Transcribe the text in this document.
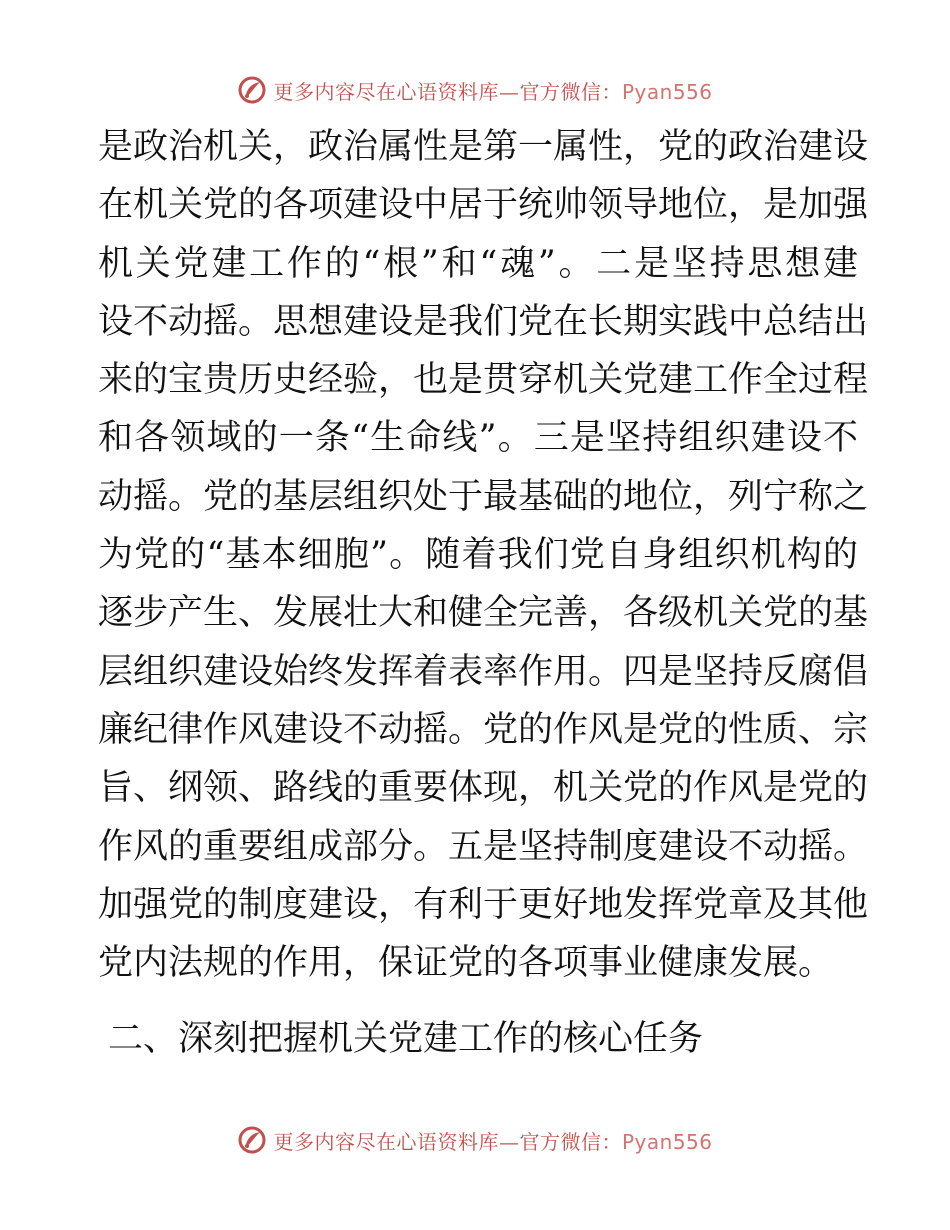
更多内容尽在心语资料库—官方微信：Pyan556
是政治机关，政治属性是第一属性，党的政治建设
在机关党的各项建设中居于统帅领导地位，是加强
机关党建工作的“根”和“魂”。二是坚持思想建
设不动摇。思想建设是我们党在长期实践中总结出
来的宝贵历史经验，也是贯穿机关党建工作全过程
和各领域的一条“生命线”。三是坚持组织建设不
动摇。党的基层组织处于最基础的地位，列宁称之
为党的“基本细胞”。随着我们党自身组织机构的
逐步产生、发展壮大和健全完善，各级机关党的基
层组织建设始终发挥着表率作用。四是坚持反腐倡
廉纪律作风建设不动摇。党的作风是党的性质、宗
旨、纲领、路线的重要体现，机关党的作风是党的
作风的重要组成部分。五是坚持制度建设不动摇。
加强党的制度建设，有利于更好地发挥党章及其他
党内法规的作用，保证党的各项事业健康发展。
二、深刻把握机关党建工作的核心任务
更多内容尽在心语资料库—官方微信：Pyan556
